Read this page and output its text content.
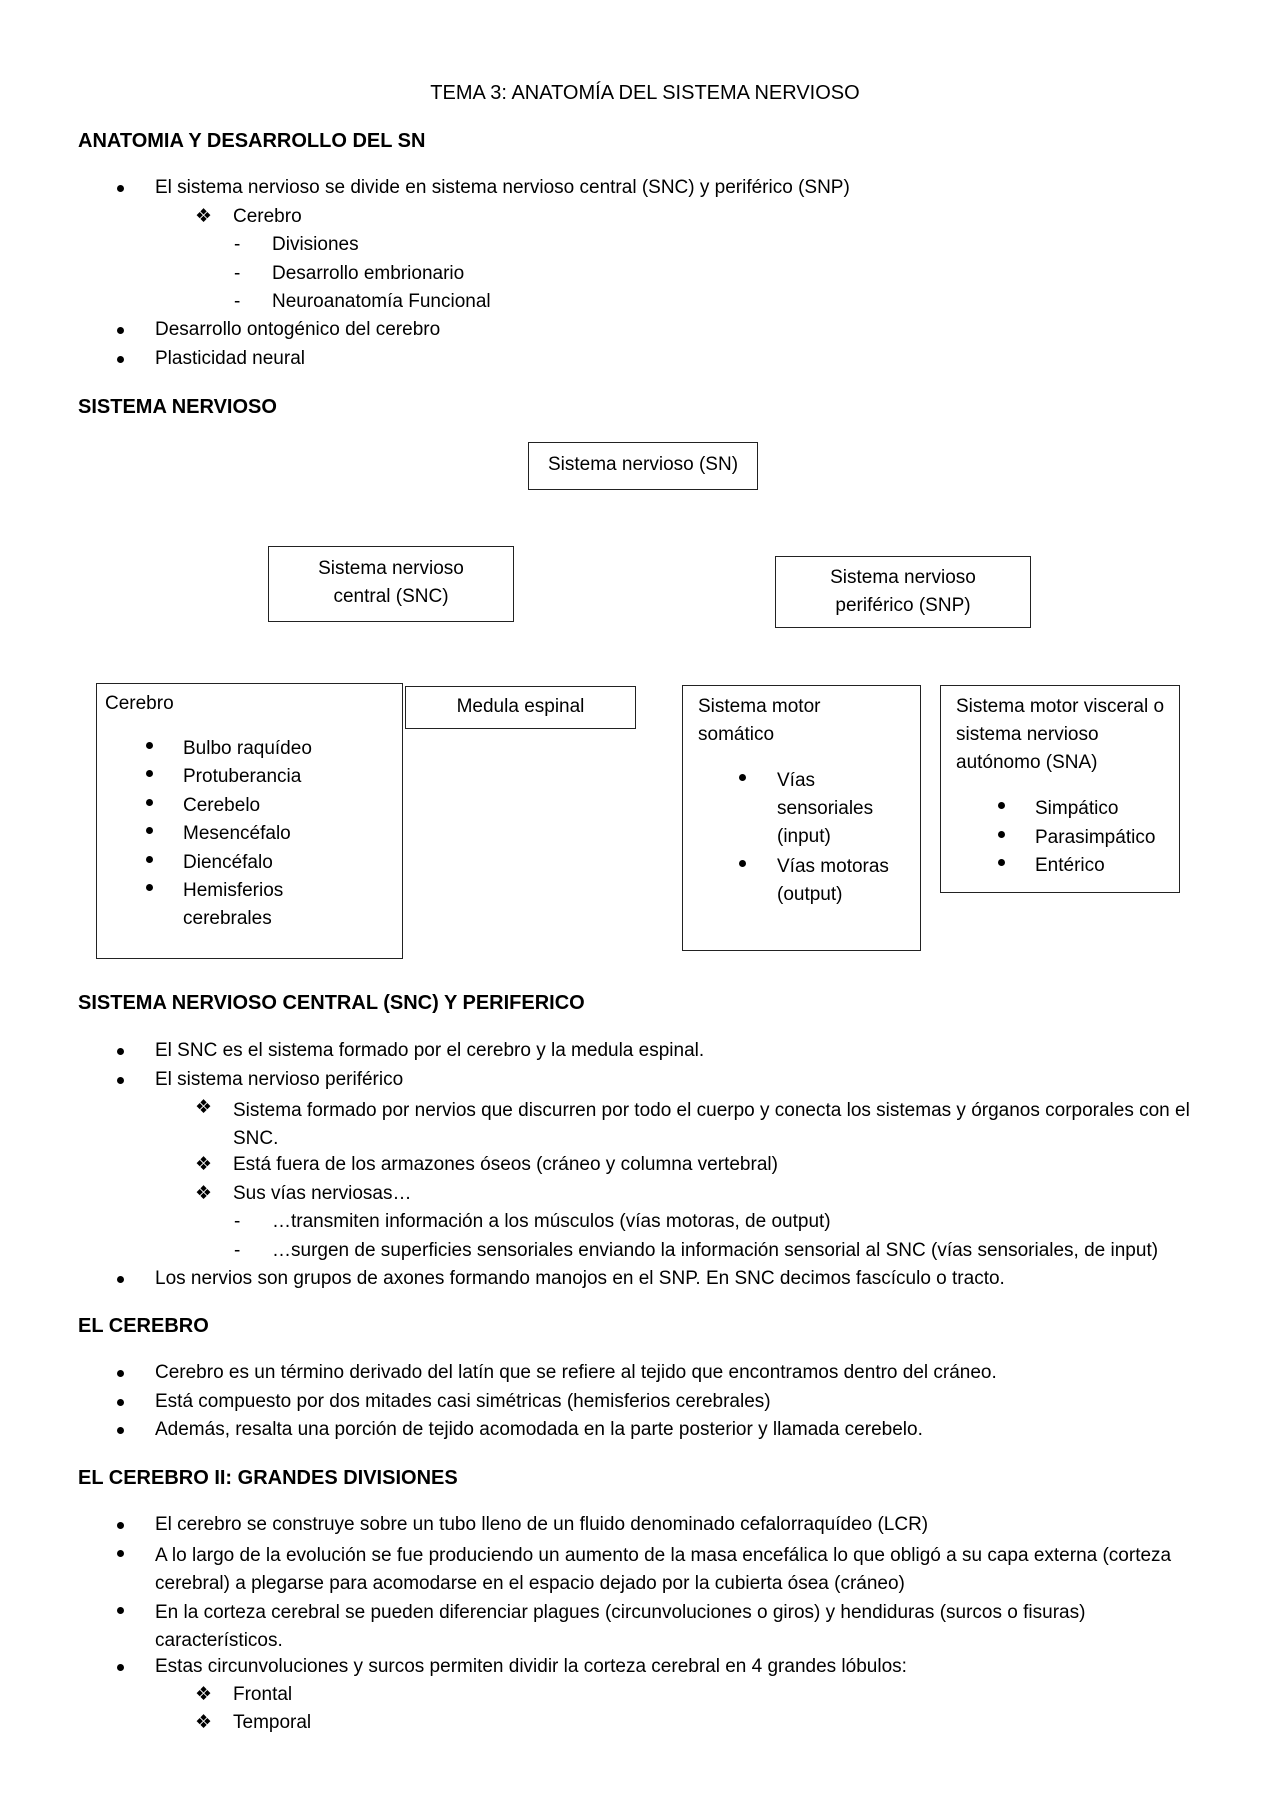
TEMA 3: ANATOMÍA DEL SISTEMA NERVIOSO
ANATOMIA Y DESARROLLO DEL SN
El sistema nervioso se divide en sistema nervioso central (SNC) y periférico (SNP)
❖ Cerebro
- Divisiones
- Desarrollo embrionario
- Neuroanatomía Funcional
Desarrollo ontogénico del cerebro
Plasticidad neural
SISTEMA NERVIOSO
Sistema nervioso (SN)
Sistema nervioso central (SNC)
Sistema nervioso periférico (SNP)
Cerebro
Bulbo raquídeo
Protuberancia
Cerebelo
Mesencéfalo
Diencéfalo
Hemisferios cerebrales
Medula espinal	Sistema motor somático
Vías sensoriales (input)
Vías motoras (output)
Sistema motor visceral o sistema nervioso autónomo (SNA)
Simpático
Parasimpático
Entérico
SISTEMA NERVIOSO CENTRAL (SNC) Y PERIFERICO
El SNC es el sistema formado por el cerebro y la medula espinal.
El sistema nervioso periférico
❖ Sistema formado por nervios que discurren por todo el cuerpo y conecta los sistemas y órganos corporales con el SNC.
❖ Está fuera de los armazones óseos (cráneo y columna vertebral)
❖ Sus vías nerviosas…
- …transmiten información a los músculos (vías motoras, de output)
- …surgen de superficies sensoriales enviando la información sensorial al SNC (vías sensoriales, de input)
Los nervios son grupos de axones formando manojos en el SNP. En SNC decimos fascículo o tracto.
EL CEREBRO
Cerebro es un término derivado del latín que se refiere al tejido que encontramos dentro del cráneo.
Está compuesto por dos mitades casi simétricas (hemisferios cerebrales)
Además, resalta una porción de tejido acomodada en la parte posterior y llamada cerebelo.
EL CEREBRO II: GRANDES DIVISIONES
El cerebro se construye sobre un tubo lleno de un fluido denominado cefalorraquídeo (LCR)
A lo largo de la evolución se fue produciendo un aumento de la masa encefálica lo que obligó a su capa externa (corteza cerebral) a plegarse para acomodarse en el espacio dejado por la cubierta ósea (cráneo)
En la corteza cerebral se pueden diferenciar plagues (circunvoluciones o giros) y hendiduras (surcos o fisuras) característicos.
Estas circunvoluciones y surcos permiten dividir la corteza cerebral en 4 grandes lóbulos:
❖ Frontal
❖ Temporal
